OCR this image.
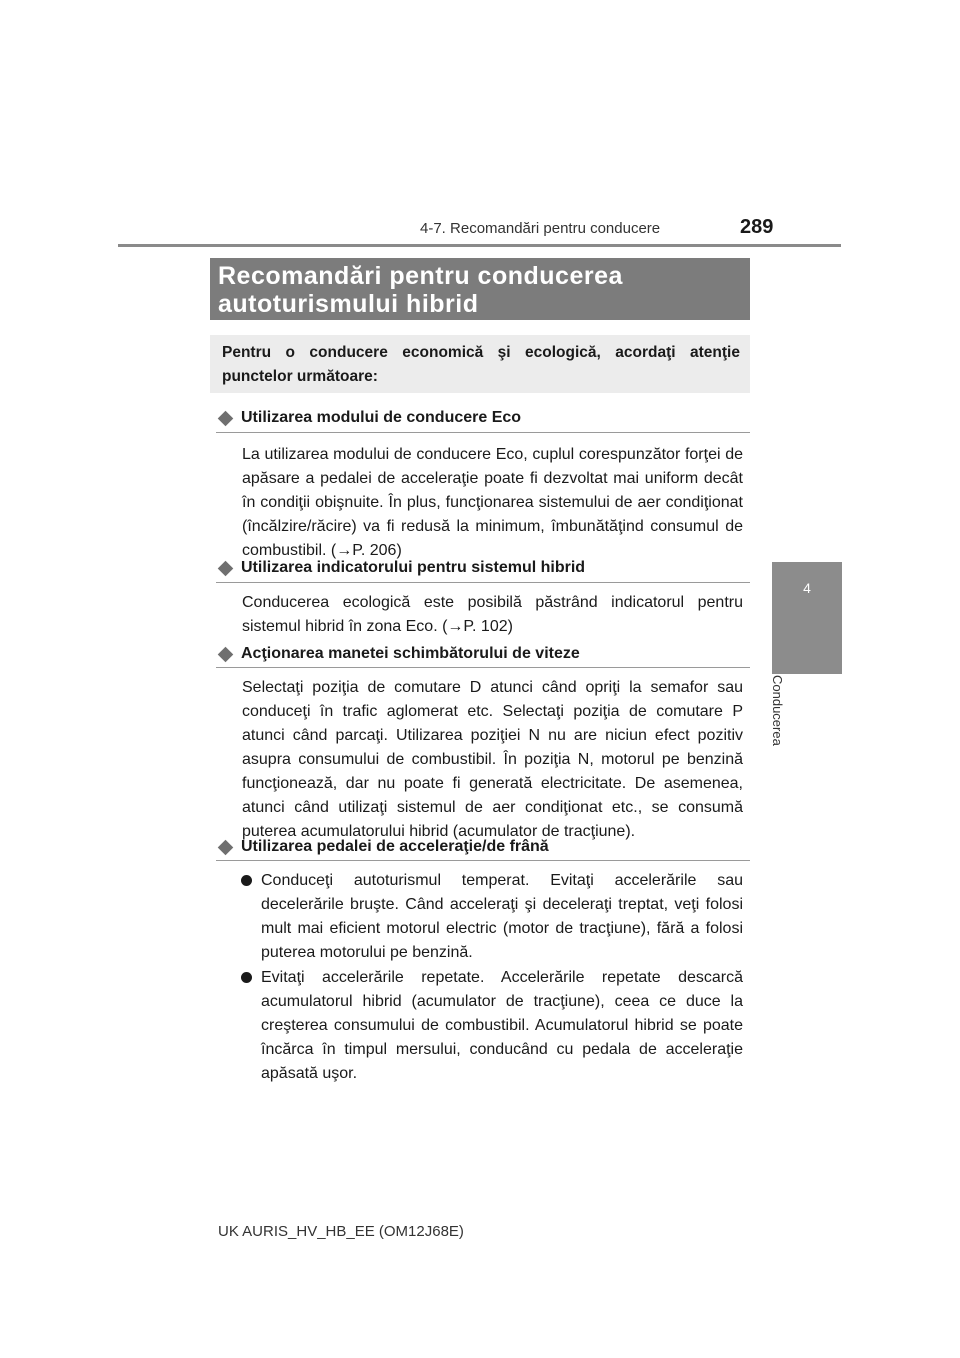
4-7. Recomandări pentru conducere	289
4
Conducerea
Recomandări pentru conducerea
autoturismului hibrid
Pentru o conducere economică şi ecologică, acordaţi atenţie punctelor următoare:
Utilizarea modului de conducere Eco
La utilizarea modului de conducere Eco, cuplul corespunzător forţei de apăsare a pedalei de acceleraţie poate fi dezvoltat mai uniform decât în condiţii obişnuite. În plus, funcţionarea sistemului de aer condiţionat (încălzire/răcire) va fi redusă la minimum, îmbunătăţind consumul de combustibil. (→P. 206)
Utilizarea indicatorului pentru sistemul hibrid
Conducerea ecologică este posibilă păstrând indicatorul pentru sistemul hibrid în zona Eco. (→P. 102)
Acţionarea manetei schimbătorului de viteze
Selectaţi poziţia de comutare D atunci când opriţi la semafor sau conduceţi în trafic aglomerat etc. Selectaţi poziţia de comutare P atunci când parcaţi. Utilizarea poziţiei N nu are niciun efect pozitiv asupra consumului de combustibil. În poziţia N, motorul pe benzină funcţionează, dar nu poate fi generată electricitate. De asemenea, atunci când utilizaţi sistemul de aer condiţionat etc., se consumă puterea acumulatorului hibrid (acumulator de tracţiune).
Utilizarea pedalei de acceleraţie/de frână
Conduceţi autoturismul temperat. Evitaţi accelerările sau decelerările bruşte. Când acceleraţi şi deceleraţi treptat, veţi folosi mult mai eficient motorul electric (motor de tracţiune), fără a folosi puterea motorului pe benzină.
Evitaţi accelerările repetate. Accelerările repetate descarcă acumulatorul hibrid (acumulator de tracţiune), ceea ce duce la creşterea consumului de combustibil. Acumulatorul hibrid se poate încărca în timpul mersului, conducând cu pedala de acceleraţie apăsată uşor.
UK AURIS_HV_HB_EE (OM12J68E)
